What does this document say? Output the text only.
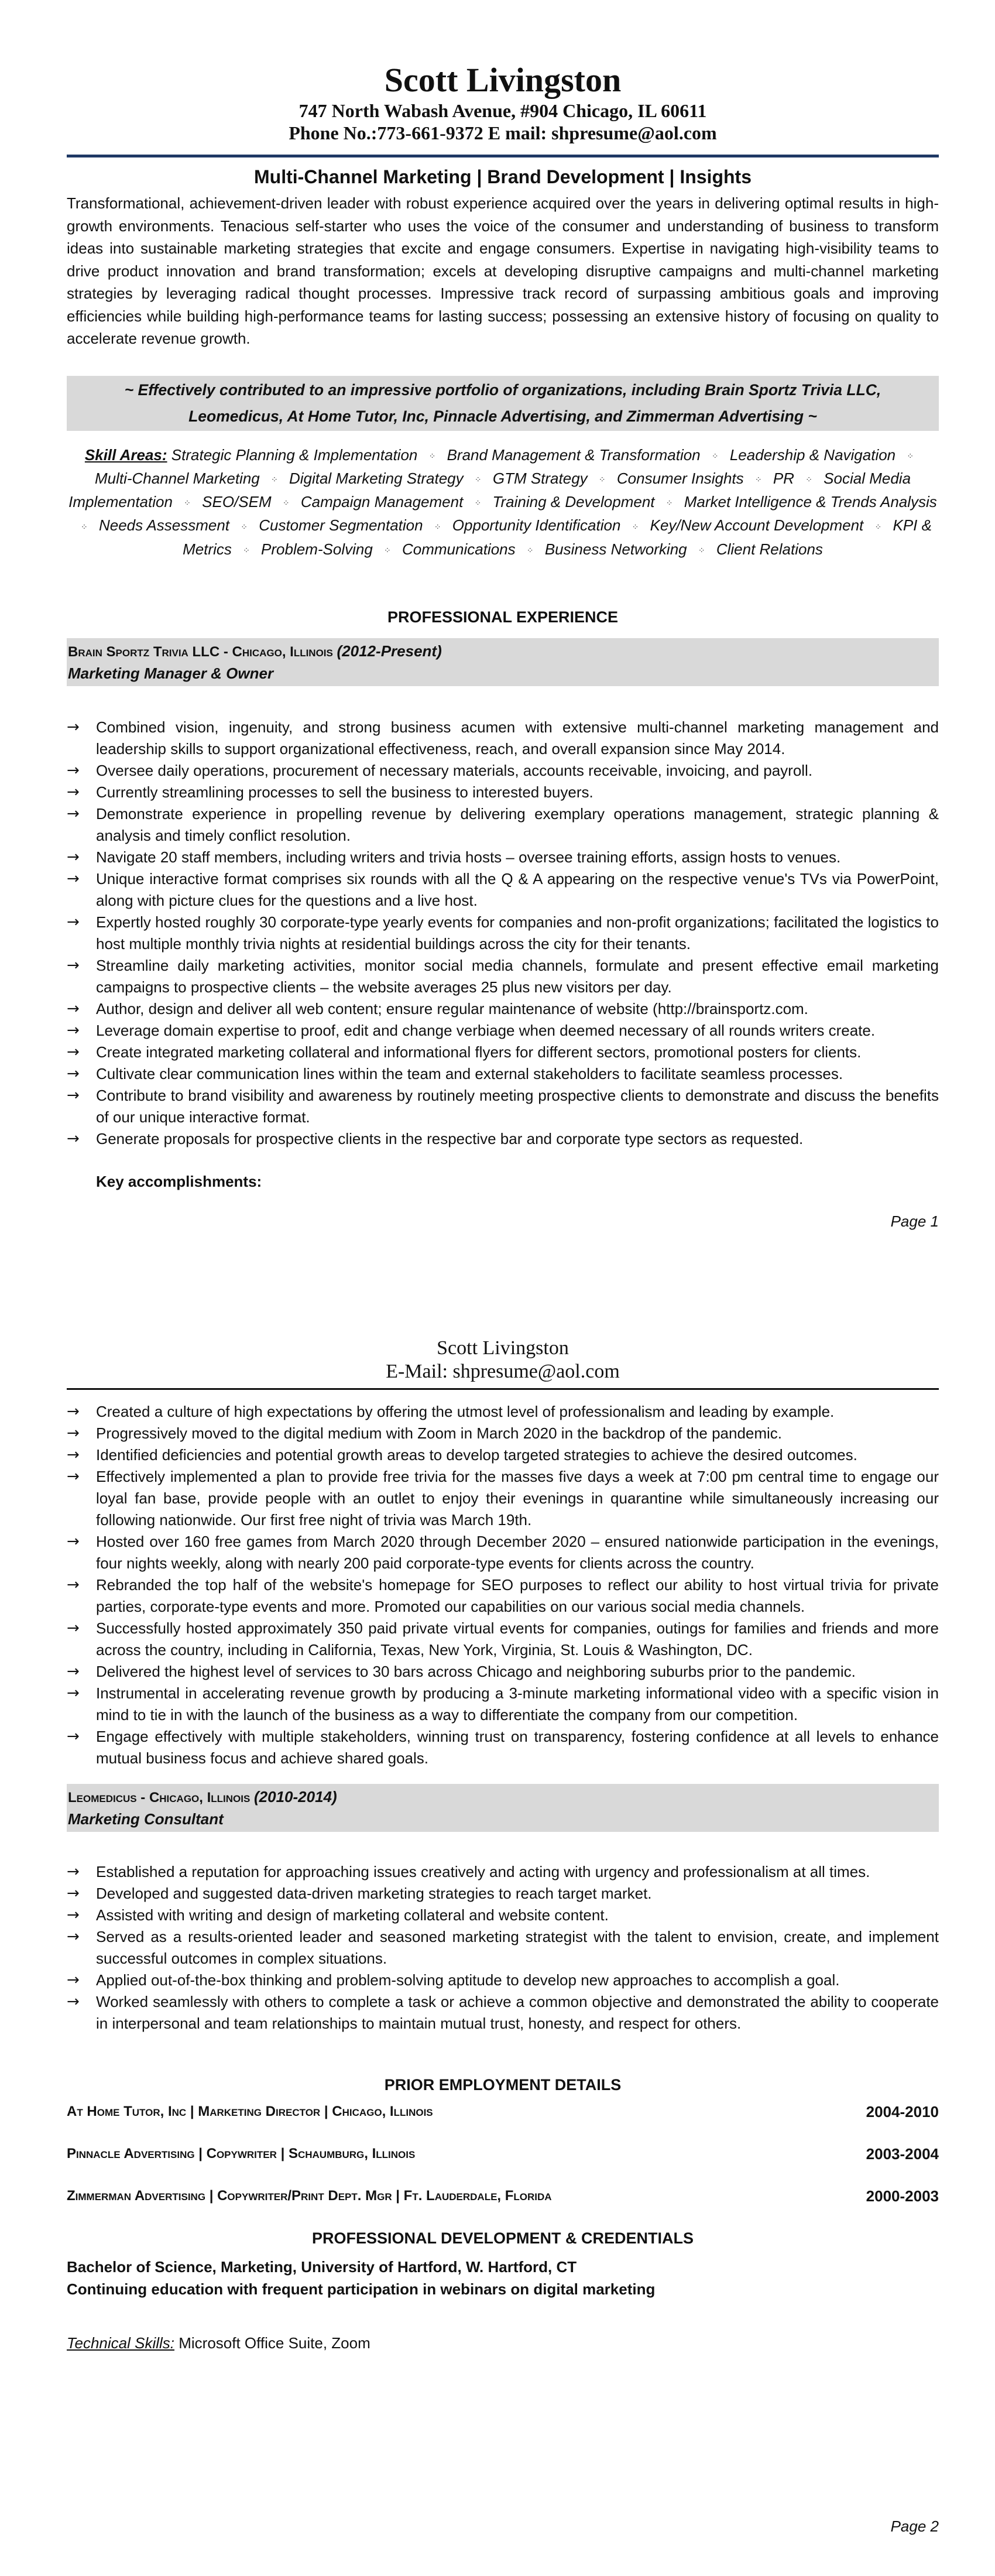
Scott Livingston
747 North Wabash Avenue, #904 Chicago, IL 60611
Phone No.:773-661-9372 E mail: shpresume@aol.com
Multi-Channel Marketing | Brand Development | Insights
Transformational, achievement-driven leader with robust experience acquired over the years in delivering optimal results in high-growth environments. Tenacious self-starter who uses the voice of the consumer and understanding of business to transform ideas into sustainable marketing strategies that excite and engage consumers. Expertise in navigating high-visibility teams to drive product innovation and brand transformation; excels at developing disruptive campaigns and multi-channel marketing strategies by leveraging radical thought processes. Impressive track record of surpassing ambitious goals and improving efficiencies while building high-performance teams for lasting success; possessing an extensive history of focusing on quality to accelerate revenue growth.
~ Effectively contributed to an impressive portfolio of organizations, including Brain Sportz Trivia LLC, Leomedicus, At Home Tutor, Inc, Pinnacle Advertising, and Zimmerman Advertising ~
Skill Areas: Strategic Planning & Implementation ⁘ Brand Management & Transformation ⁘ Leadership & Navigation ⁘ Multi-Channel Marketing ⁘ Digital Marketing Strategy ⁘ GTM Strategy ⁘ Consumer Insights ⁘ PR ⁘ Social Media Implementation ⁘ SEO/SEM ⁘ Campaign Management ⁘ Training & Development ⁘ Market Intelligence & Trends Analysis ⁘ Needs Assessment ⁘ Customer Segmentation ⁘ Opportunity Identification ⁘ Key/New Account Development ⁘ KPI & Metrics ⁘ Problem-Solving ⁘ Communications ⁘ Business Networking ⁘ Client Relations
PROFESSIONAL EXPERIENCE
Brain Sportz Trivia LLC - Chicago, Illinois (2012-Present)
Marketing Manager & Owner
→ Combined vision, ingenuity, and strong business acumen with extensive multi-channel marketing management and leadership skills to support organizational effectiveness, reach, and overall expansion since May 2014.
→ Oversee daily operations, procurement of necessary materials, accounts receivable, invoicing, and payroll.
→ Currently streamlining processes to sell the business to interested buyers.
→ Demonstrate experience in propelling revenue by delivering exemplary operations management, strategic planning & analysis and timely conflict resolution.
→ Navigate 20 staff members, including writers and trivia hosts – oversee training efforts, assign hosts to venues.
→ Unique interactive format comprises six rounds with all the Q & A appearing on the respective venue's TVs via PowerPoint, along with picture clues for the questions and a live host.
→ Expertly hosted roughly 30 corporate-type yearly events for companies and non-profit organizations; facilitated the logistics to host multiple monthly trivia nights at residential buildings across the city for their tenants.
→ Streamline daily marketing activities, monitor social media channels, formulate and present effective email marketing campaigns to prospective clients – the website averages 25 plus new visitors per day.
→ Author, design and deliver all web content; ensure regular maintenance of website (http://brainsportz.com.
→ Leverage domain expertise to proof, edit and change verbiage when deemed necessary of all rounds writers create.
→ Create integrated marketing collateral and informational flyers for different sectors, promotional posters for clients.
→ Cultivate clear communication lines within the team and external stakeholders to facilitate seamless processes.
→ Contribute to brand visibility and awareness by routinely meeting prospective clients to demonstrate and discuss the benefits of our unique interactive format.
→ Generate proposals for prospective clients in the respective bar and corporate type sectors as requested.
Key accomplishments:
Page 1
Scott Livingston
E-Mail: shpresume@aol.com
→ Created a culture of high expectations by offering the utmost level of professionalism and leading by example.
→ Progressively moved to the digital medium with Zoom in March 2020 in the backdrop of the pandemic.
→ Identified deficiencies and potential growth areas to develop targeted strategies to achieve the desired outcomes.
→ Effectively implemented a plan to provide free trivia for the masses five days a week at 7:00 pm central time to engage our loyal fan base, provide people with an outlet to enjoy their evenings in quarantine while simultaneously increasing our following nationwide. Our first free night of trivia was March 19th.
→ Hosted over 160 free games from March 2020 through December 2020 – ensured nationwide participation in the evenings, four nights weekly, along with nearly 200 paid corporate-type events for clients across the country.
→ Rebranded the top half of the website's homepage for SEO purposes to reflect our ability to host virtual trivia for private parties, corporate-type events and more. Promoted our capabilities on our various social media channels.
→ Successfully hosted approximately 350 paid private virtual events for companies, outings for families and friends and more across the country, including in California, Texas, New York, Virginia, St. Louis & Washington, DC.
→ Delivered the highest level of services to 30 bars across Chicago and neighboring suburbs prior to the pandemic.
→ Instrumental in accelerating revenue growth by producing a 3-minute marketing informational video with a specific vision in mind to tie in with the launch of the business as a way to differentiate the company from our competition.
→ Engage effectively with multiple stakeholders, winning trust on transparency, fostering confidence at all levels to enhance mutual business focus and achieve shared goals.
Leomedicus - Chicago, Illinois (2010-2014)
Marketing Consultant
→ Established a reputation for approaching issues creatively and acting with urgency and professionalism at all times.
→ Developed and suggested data-driven marketing strategies to reach target market.
→ Assisted with writing and design of marketing collateral and website content.
→ Served as a results-oriented leader and seasoned marketing strategist with the talent to envision, create, and implement successful outcomes in complex situations.
→ Applied out-of-the-box thinking and problem-solving aptitude to develop new approaches to accomplish a goal.
→ Worked seamlessly with others to complete a task or achieve a common objective and demonstrated the ability to cooperate in interpersonal and team relationships to maintain mutual trust, honesty, and respect for others.
PRIOR EMPLOYMENT DETAILS
At Home Tutor, Inc | Marketing Director | Chicago, Illinois	2004-2010
Pinnacle Advertising | Copywriter | Schaumburg, Illinois	2003-2004
Zimmerman Advertising | Copywriter/Print Dept. Mgr | Ft. Lauderdale, Florida	2000-2003
PROFESSIONAL DEVELOPMENT & CREDENTIALS
Bachelor of Science, Marketing, University of Hartford, W. Hartford, CT
Continuing education with frequent participation in webinars on digital marketing
Technical Skills: Microsoft Office Suite, Zoom
Page 2
